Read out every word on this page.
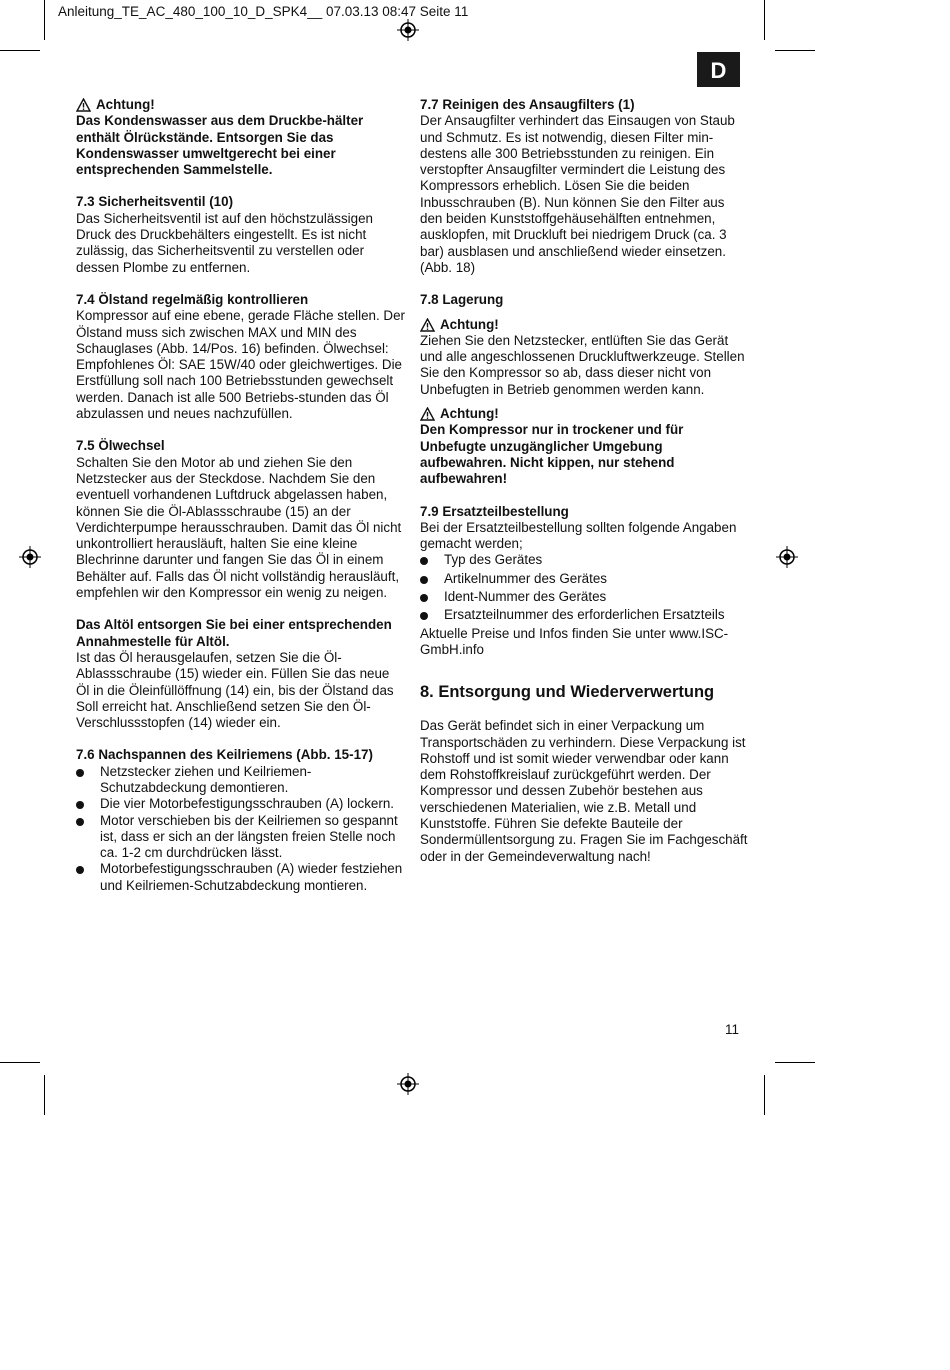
Anleitung_TE_AC_480_100_10_D_SPK4__ 07.03.13 08:47 Seite 11
D
Achtung!

Das Kondenswasser aus dem Druckbe-hälter enthält Ölrückstände. Entsorgen Sie das Kondenswasser umweltgerecht bei einer entsprechenden Sammelstelle.

7.3 Sicherheitsventil (10)

Das Sicherheitsventil ist auf den höchstzulässigen Druck des Druckbehälters eingestellt. Es ist nicht zulässig, das Sicherheitsventil zu verstellen oder dessen Plombe zu entfernen.

7.4 Ölstand regelmäßig kontrollieren

Kompressor auf eine ebene, gerade Fläche stellen. Der Ölstand muss sich zwischen MAX und MIN des Schauglases (Abb. 14/Pos. 16) befinden. Ölwechsel: Empfohlenes Öl: SAE 15W/40 oder gleichwertiges. Die Erstfüllung soll nach 100 Betriebsstunden gewechselt werden. Danach ist alle 500 Betriebs-stunden das Öl abzulassen und neues nachzufüllen.

7.5 Ölwechsel

Schalten Sie den Motor ab und ziehen Sie den Netzstecker aus der Steckdose. Nachdem Sie den eventuell vorhandenen Luftdruck abgelassen haben, können Sie die Öl-Ablassschraube (15) an der Verdichterpumpe herausschrauben. Damit das Öl nicht unkontrolliert herausläuft, halten Sie eine kleine Blechrinne darunter und fangen Sie das Öl in einem Behälter auf. Falls das Öl nicht vollständig herausläuft, empfehlen wir den Kompressor ein wenig zu neigen.

Das Altöl entsorgen Sie bei einer entsprechenden Annahmestelle für Altöl.

Ist das Öl herausgelaufen, setzen Sie die Öl-Ablassschraube (15) wieder ein. Füllen Sie das neue Öl in die Öleinfüllöffnung (14) ein, bis der Ölstand das Soll erreicht hat. Anschließend setzen Sie den Öl-Verschlussstopfen (14) wieder ein.

7.6 Nachspannen des Keilriemens (Abb. 15-17)

Netzstecker ziehen und Keilriemen-Schutzabdeckung demontieren.
Die vier Motorbefestigungsschrauben (A) lockern.
Motor verschieben bis der Keilriemen so gespannt ist, dass er sich an der längsten freien Stelle noch ca. 1-2 cm durchdrücken lässt.
Motorbefestigungsschrauben (A) wieder festziehen und Keilriemen-Schutzabdeckung montieren.

7.7 Reinigen des Ansaugfilters (1)

Der Ansaugfilter verhindert das Einsaugen von Staub und Schmutz. Es ist notwendig, diesen Filter min-destens alle 300 Betriebsstunden zu reinigen. Ein verstopfter Ansaugfilter vermindert die Leistung des Kompressors erheblich. Lösen Sie die beiden Inbusschrauben (B). Nun können Sie den Filter aus den beiden Kunststoffgehäusehälften entnehmen, ausklopfen, mit Druckluft bei niedrigem Druck (ca. 3 bar) ausblasen und anschließend wieder einsetzen. (Abb. 18)

7.8 Lagerung

Achtung!

Ziehen Sie den Netzstecker, entlüften Sie das Gerät und alle angeschlossenen Druckluftwerkzeuge. Stellen Sie den Kompressor so ab, dass dieser nicht von Unbefugten in Betrieb genommen werden kann.

Achtung!

Den Kompressor nur in trockener und für Unbefugte unzugänglicher Umgebung aufbewahren. Nicht kippen, nur stehend aufbewahren!

7.9 Ersatzteilbestellung

Bei der Ersatzteilbestellung sollten folgende Angaben gemacht werden;

Typ des Gerätes
Artikelnummer des Gerätes
Ident-Nummer des Gerätes
Ersatzteilnummer des erforderlichen Ersatzteils

Aktuelle Preise und Infos finden Sie unter www.ISC-GmbH.info

8. Entsorgung und Wiederverwertung

Das Gerät befindet sich in einer Verpackung um Transportschäden zu verhindern. Diese Verpackung ist Rohstoff und ist somit wieder verwendbar oder kann dem Rohstoffkreislauf zurückgeführt werden. Der Kompressor und dessen Zubehör bestehen aus verschiedenen Materialien, wie z.B. Metall und Kunststoffe. Führen Sie defekte Bauteile der Sondermüllentsorgung zu. Fragen Sie im Fachgeschäft oder in der Gemeindeverwaltung nach!

11
